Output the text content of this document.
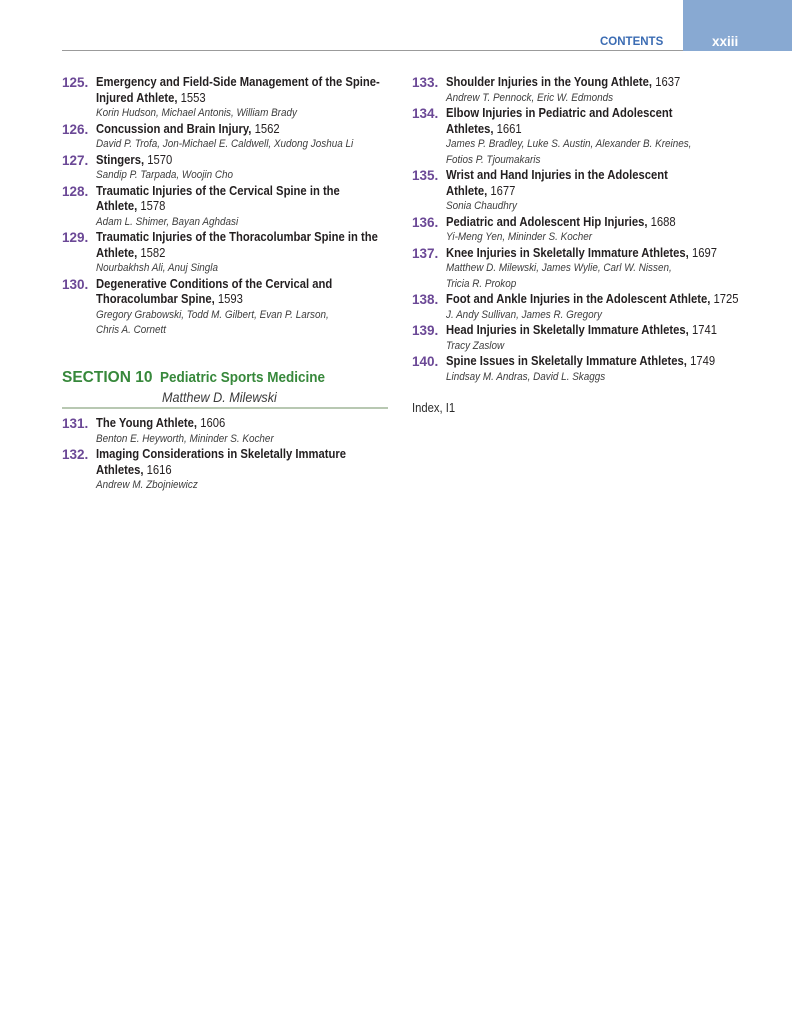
CONTENTS	xxiii
125. Emergency and Field-Side Management of the Spine-
Injured Athlete, 1553
Korin Hudson, Michael Antonis, William Brady
126. Concussion and Brain Injury, 1562
David P. Trofa, Jon-Michael E. Caldwell, Xudong Joshua Li
127. Stingers, 1570
Sandip P. Tarpada, Woojin Cho
128. Traumatic Injuries of the Cervical Spine in the
Athlete, 1578
Adam L. Shimer, Bayan Aghdasi
129. Traumatic Injuries of the Thoracolumbar Spine in the
Athlete, 1582
Nourbakhsh Ali, Anuj Singla
130. Degenerative Conditions of the Cervical and
Thoracolumbar Spine, 1593
Gregory Grabowski, Todd M. Gilbert, Evan P. Larson,
Chris A. Cornett
SECTION 10 Pediatric Sports Medicine
Matthew D. Milewski
131. The Young Athlete, 1606
Benton E. Heyworth, Mininder S. Kocher
132. Imaging Considerations in Skeletally Immature
Athletes, 1616
Andrew M. Zbojniewicz
133. Shoulder Injuries in the Young Athlete, 1637
Andrew T. Pennock, Eric W. Edmonds
134. Elbow Injuries in Pediatric and Adolescent
Athletes, 1661
James P. Bradley, Luke S. Austin, Alexander B. Kreines,
Fotios P. Tjoumakaris
135. Wrist and Hand Injuries in the Adolescent
Athlete, 1677
Sonia Chaudhry
136. Pediatric and Adolescent Hip Injuries, 1688
Yi-Meng Yen, Mininder S. Kocher
137. Knee Injuries in Skeletally Immature Athletes, 1697
Matthew D. Milewski, James Wylie, Carl W. Nissen,
Tricia R. Prokop
138. Foot and Ankle Injuries in the Adolescent Athlete, 1725
J. Andy Sullivan, James R. Gregory
139. Head Injuries in Skeletally Immature Athletes, 1741
Tracy Zaslow
140. Spine Issues in Skeletally Immature Athletes, 1749
Lindsay M. Andras, David L. Skaggs
Index, I1
